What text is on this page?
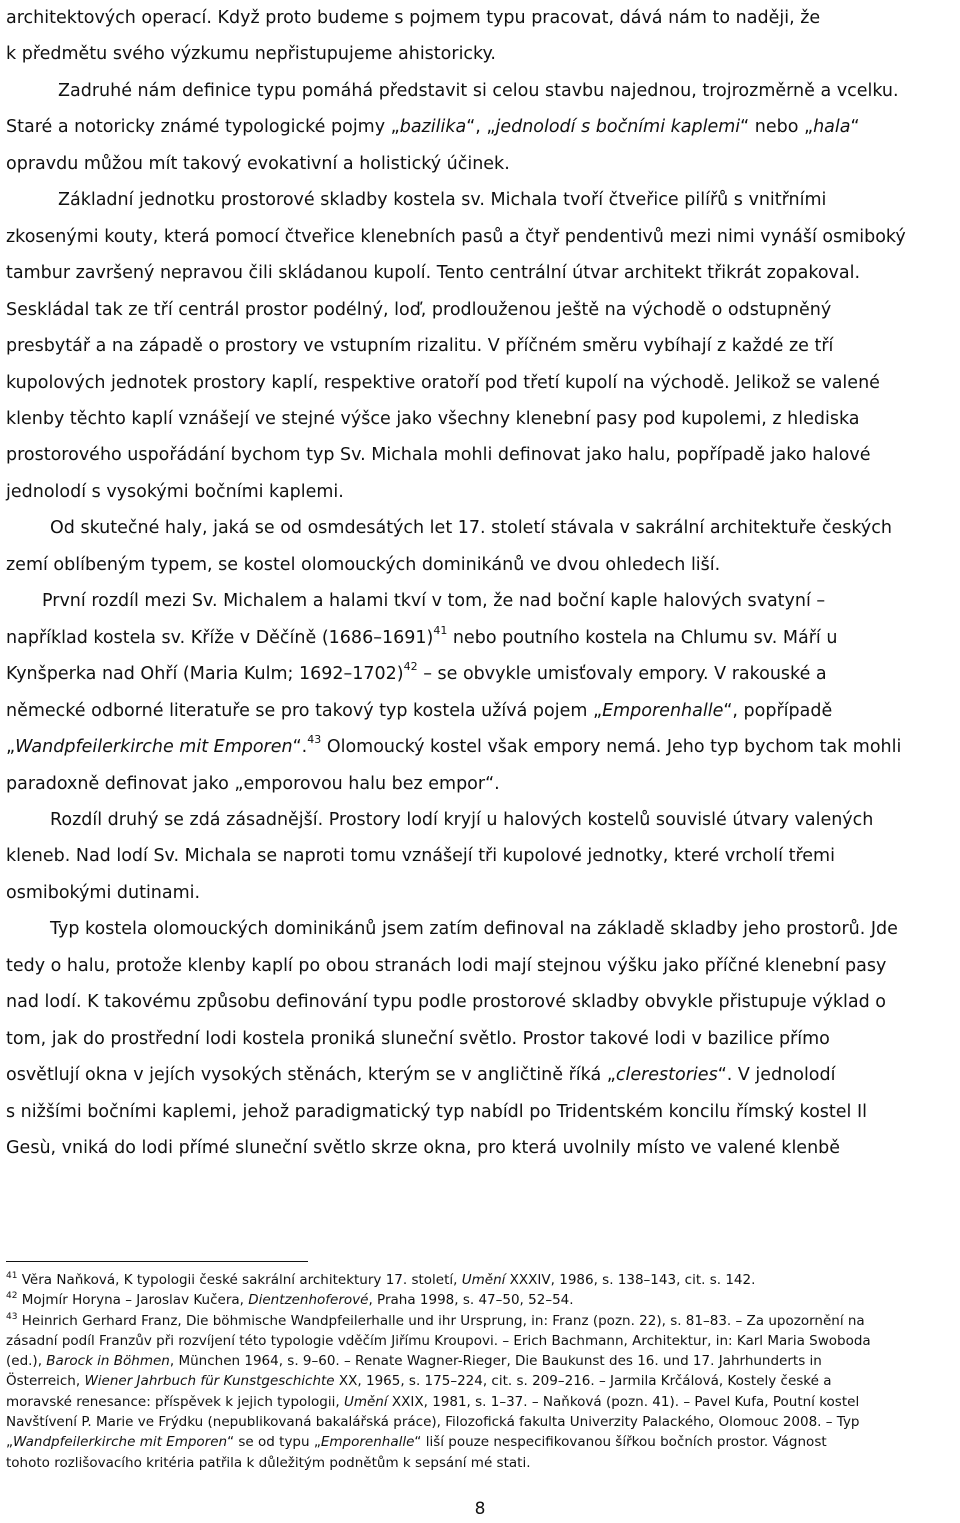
architektových operací. Když proto budeme s pojmem typu pracovat, dává nám to naději, že
k předmětu svého výzkumu nepřistupujeme ahistoricky.
Zadruhé nám definice typu pomáhá představit si celou stavbu najednou, trojrozměrně a vcelku.
Staré a notoricky známé typologické pojmy „bazilika“, „jednolodí s bočními kaplemi“ nebo „hala“
opravdu můžou mít takový evokativní a holistický účinek.
Základní jednotku prostorové skladby kostela sv. Michala tvoří čtveřice pilířů s vnitřními
zkosenými kouty, která pomocí čtveřice klenebních pasů a čtyř pendentivů mezi nimi vynáší osmiboký
tambur završený nepravou čili skládanou kupolí. Tento centrální útvar architekt třikrát zopakoval.
Seskládal tak ze tří centrál prostor podélný, loď, prodlouženou ještě na východě o odstupněný
presbytář a na západě o prostory ve vstupním rizalitu. V příčném směru vybíhají z každé ze tří
kupolových jednotek prostory kaplí, respektive oratoří pod třetí kupolí na východě. Jelikož se valené
klenby těchto kaplí vznášejí ve stejné výšce jako všechny klenební pasy pod kupolemi, z hlediska
prostorového uspořádání bychom typ Sv. Michala mohli definovat jako halu, popřípadě jako halové
jednolodí s vysokými bočními kaplemi.
Od skutečné haly, jaká se od osmdesátých let 17. století stávala v sakrální architektuře českých
zemí oblíbeným typem, se kostel olomouckých dominikánů ve dvou ohledech liší.
První rozdíl mezi Sv. Michalem a halami tkví v tom, že nad boční kaple halových svatyní –
například kostela sv. Kříže v Děčíně (1686–1691)$^{41}$ nebo poutního kostela na Chlumu sv. Máří u
Kynšperka nad Ohří (Maria Kulm; 1692–1702)$^{42}$ – se obvykle umisťovaly empory. V rakouské a
německé odborné literatuře se pro takový typ kostela užívá pojem „Emporenhalle“, popřípadě
„Wandpfeilerkirche mit Emporen“.$^{43}$ Olomoucký kostel však empory nemá. Jeho typ bychom tak mohli
paradoxně definovat jako „emporovou halu bez empor“.
Rozdíl druhý se zdá zásadnější. Prostory lodí kryjí u halových kostelů souvislé útvary valených
kleneb. Nad lodí Sv. Michala se naproti tomu vznášejí tři kupolové jednotky, které vrcholí třemi
osmibokými dutinami.
Typ kostela olomouckých dominikánů jsem zatím definoval na základě skladby jeho prostorů. Jde
tedy o halu, protože klenby kaplí po obou stranách lodi mají stejnou výšku jako příčné klenební pasy
nad lodí. K takovému způsobu definování typu podle prostorové skladby obvykle přistupuje výklad o
tom, jak do prostřední lodi kostela proniká sluneční světlo. Prostor takové lodi v bazilice přímo
osvětlují okna v jejích vysokých stěnách, kterým se v angličtině říká „clerestories“. V jednolodí
s nižšími bočními kaplemi, jehož paradigmatický typ nabídl po Tridentském koncilu římský kostel Il
Gesù, vniká do lodi přímé sluneční světlo skrze okna, pro která uvolnily místo ve valené klenbě
$^{41}$ Věra Naňková, K typologii české sakrální architektury 17. století, Umění XXXIV, 1986, s. 138–143, cit. s. 142.
$^{42}$ Mojmír Horyna – Jaroslav Kučera, Dientzenhoferové, Praha 1998, s. 47–50, 52–54.
$^{43}$ Heinrich Gerhard Franz, Die böhmische Wandpfeilerhalle und ihr Ursprung, in: Franz (pozn. 22), s. 81–83. – Za upozornění na
zásadní podíl Franzův při rozvíjení této typologie vděčím Jiřímu Kroupovi. – Erich Bachmann, Architektur, in: Karl Maria Swoboda
(ed.), Barock in Böhmen, München 1964, s. 9–60. – Renate Wagner-Rieger, Die Baukunst des 16. und 17. Jahrhunderts in
Österreich, Wiener Jahrbuch für Kunstgeschichte XX, 1965, s. 175–224, cit. s. 209–216. – Jarmila Krčálová, Kostely české a
moravské renesance: příspěvek k jejich typologii, Umění XXIX, 1981, s. 1–37. – Naňková (pozn. 41). – Pavel Kufa, Poutní kostel
Navštívení P. Marie ve Frýdku (nepublikovaná bakalářská práce), Filozofická fakulta Univerzity Palackého, Olomouc 2008. – Typ
„Wandpfeilerkirche mit Emporen“ se od typu „Emporenhalle“ liší pouze nespecifikovanou šířkou bočních prostor. Vágnost
tohoto rozlišovacího kritéria patřila k důležitým podnětům k sepsání mé stati.
8
